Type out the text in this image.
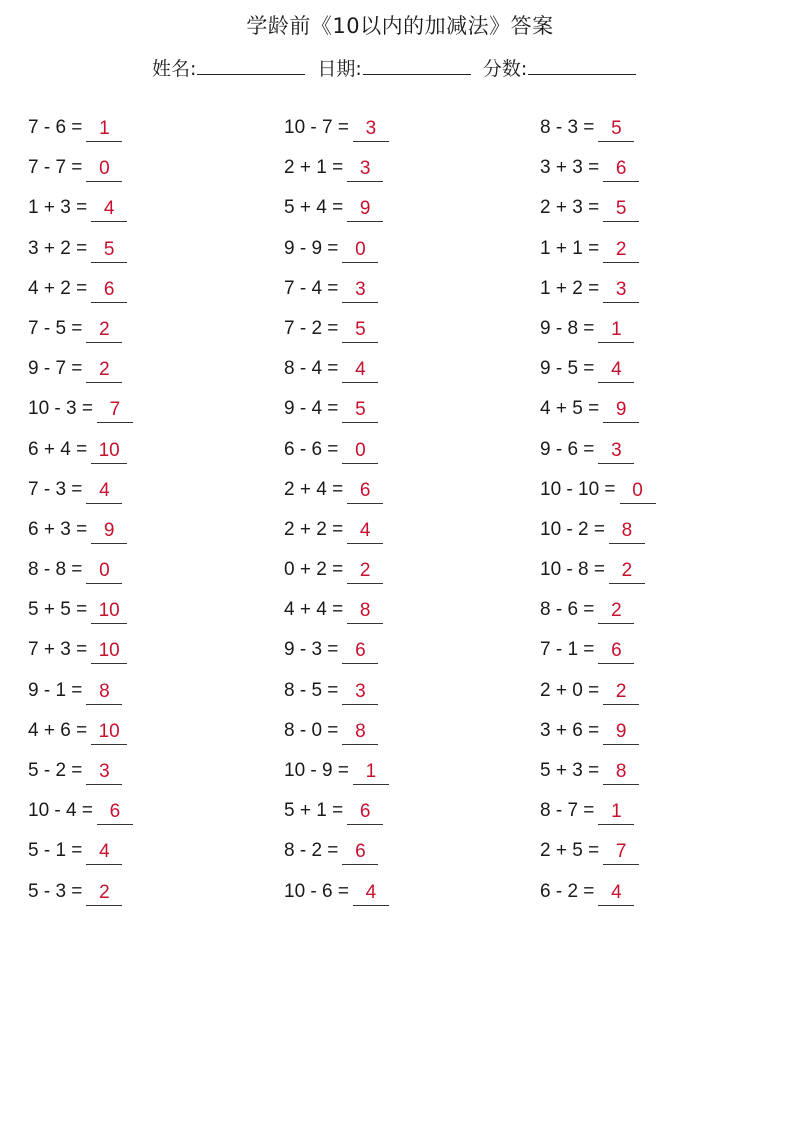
学龄前《10以内的加减法》答案
姓名:	日期:	分数:
7 - 6 = 1
7 - 7 = 0
1 + 3 = 4
3 + 2 = 5
4 + 2 = 6
7 - 5 = 2
9 - 7 = 2
10 - 3 = 7
6 + 4 = 10
7 - 3 = 4
6 + 3 = 9
8 - 8 = 0
5 + 5 = 10
7 + 3 = 10
9 - 1 = 8
4 + 6 = 10
5 - 2 = 3
10 - 4 = 6
5 - 1 = 4
5 - 3 = 2
10 - 7 = 3
2 + 1 = 3
5 + 4 = 9
9 - 9 = 0
7 - 4 = 3
7 - 2 = 5
8 - 4 = 4
9 - 4 = 5
6 - 6 = 0
2 + 4 = 6
2 + 2 = 4
0 + 2 = 2
4 + 4 = 8
9 - 3 = 6
8 - 5 = 3
8 - 0 = 8
10 - 9 = 1
5 + 1 = 6
8 - 2 = 6
10 - 6 = 4
8 - 3 = 5
3 + 3 = 6
2 + 3 = 5
1 + 1 = 2
1 + 2 = 3
9 - 8 = 1
9 - 5 = 4
4 + 5 = 9
9 - 6 = 3
10 - 10 = 0
10 - 2 = 8
10 - 8 = 2
8 - 6 = 2
7 - 1 = 6
2 + 0 = 2
3 + 6 = 9
5 + 3 = 8
8 - 7 = 1
2 + 5 = 7
6 - 2 = 4
